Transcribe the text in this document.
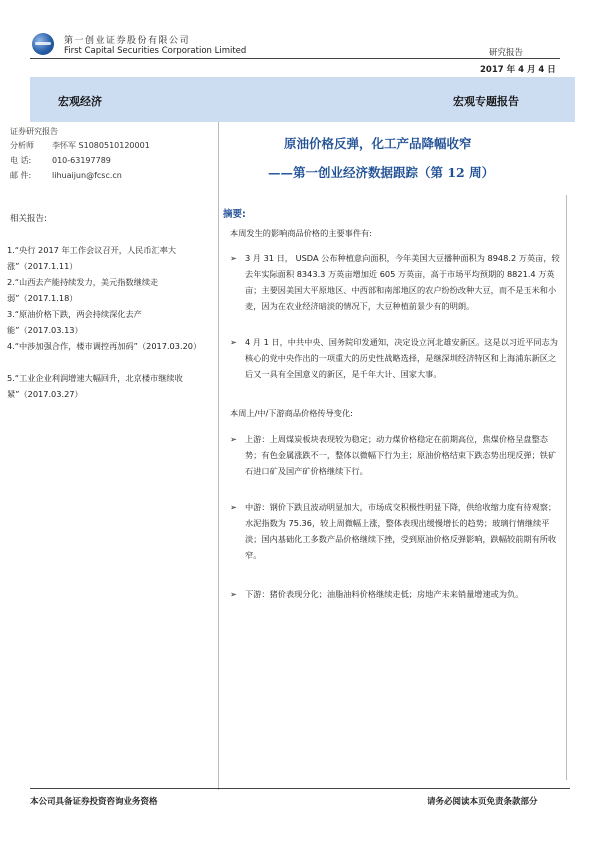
第一创业证券股份有限公司
First Capital Securities Corporation Limited	研究报告
2017 年 4 月 4 日
宏观经济	宏观专题报告
证券研究报告
分析师 李怀军 S1080510120001
电 话:	010-63197789
邮 件:	lihuaijun@fcsc.cn
原油价格反弹，化工产品降幅收窄
——第一创业经济数据跟踪（第 12 周）
相关报告:
1.“央行 2017 年工作会议召开，人民币汇率大涨”（2017.1.11）
2.“山西去产能持续发力，美元指数继续走弱”（2017.1.18）
3.“原油价格下跌，两会持续深化去产能”（2017.03.13）
4.“中涉加强合作，楼市调控再加码”（2017.03.20）
5.“工业企业利润增速大幅回升，北京楼市继续收紧”（2017.03.27）
摘要:
本周发生的影响商品价格的主要事件有:
➢ 3 月 31 日， USDA 公布种植意向面积，今年美国大豆播种面积为 8948.2 万英亩，较去年实际面积 8343.3 万英亩增加近 605 万英亩，高于市场平均预期的 8821.4 万英亩；主要因美国大平原地区、中西部和南部地区的农户纷纷改种大豆，而不是玉米和小麦，因为在农业经济暗淡的情况下，大豆种植前景少有的明朗。
➢ 4 月 1 日，中共中央、国务院印发通知，决定设立河北雄安新区。这是以习近平同志为核心的党中央作出的一项重大的历史性战略选择，是继深圳经济特区和上海浦东新区之后又一具有全国意义的新区，是千年大计、国家大事。
本周上/中/下游商品价格传导变化:
➢ 上游：上周煤炭板块表现较为稳定；动力煤价格稳定在前期高位，焦煤价格呈盘整态势；有色金属涨跌不一，整体以微幅下行为主；原油价格结束下跌态势出现反弹；铁矿石进口矿及国产矿价格继续下行。
➢ 中游：钢价下跌且波动明显加大，市场成交积极性明显下降，供给收缩力度有待观察；水泥指数为 75.36，较上周微幅上涨，整体表现出缓慢增长的趋势；玻璃行情继续平淡；国内基础化工多数产品价格继续下挫，受到原油价格反弹影响，跌幅较前期有所收窄。
➢ 下游：猪价表现分化；油脂油料价格继续走低；房地产未来销量增速或为负。
本公司具备证券投资咨询业务资格	请务必阅读本页免责条款部分
